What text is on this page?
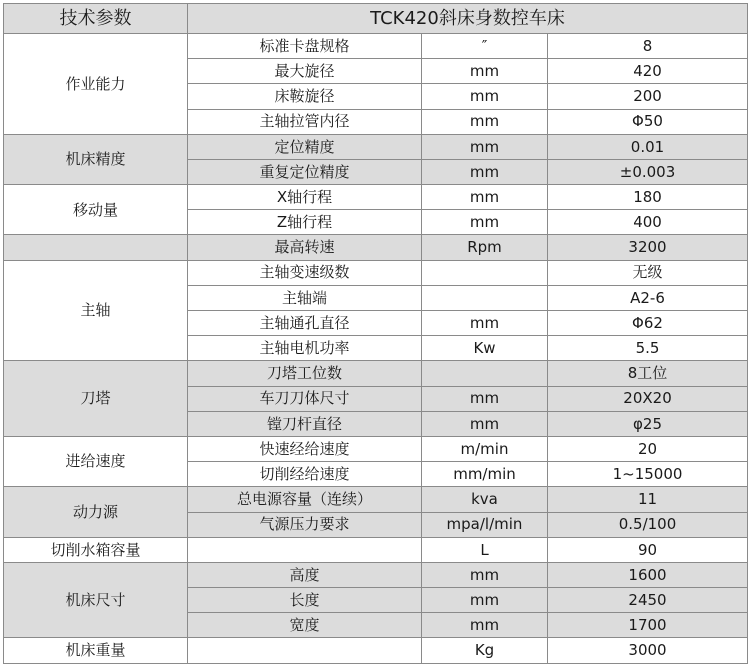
技术参数	TCK420斜床身数控车床		
作业能力	标准卡盘规格	″	8
	最大旋径	mm	420
	床鞍旋径	mm	200
	主轴拉管内径	mm	Φ50
机床精度	定位精度	mm	0.01
	重复定位精度	mm	±0.003
移动量	X轴行程	mm	180
	Z轴行程	mm	400
	最高转速	Rpm	3200
主轴	主轴变速级数		无级
	主轴端		A2-6
	主轴通孔直径	mm	Φ62
	主轴电机功率	Kw	5.5
刀塔	刀塔工位数		8工位
	车刀刀体尺寸	mm	20X20
	镗刀杆直径	mm	φ25
进给速度	快速经给速度	m/min	20
	切削经给速度	mm/min	1~15000
动力源	总电源容量（连续）	kva	11
	气源压力要求	mpa/l/min	0.5/100
切削水箱容量		L	90
机床尺寸	高度	mm	1600
	长度	mm	2450
	宽度	mm	1700
机床重量		Kg	3000
